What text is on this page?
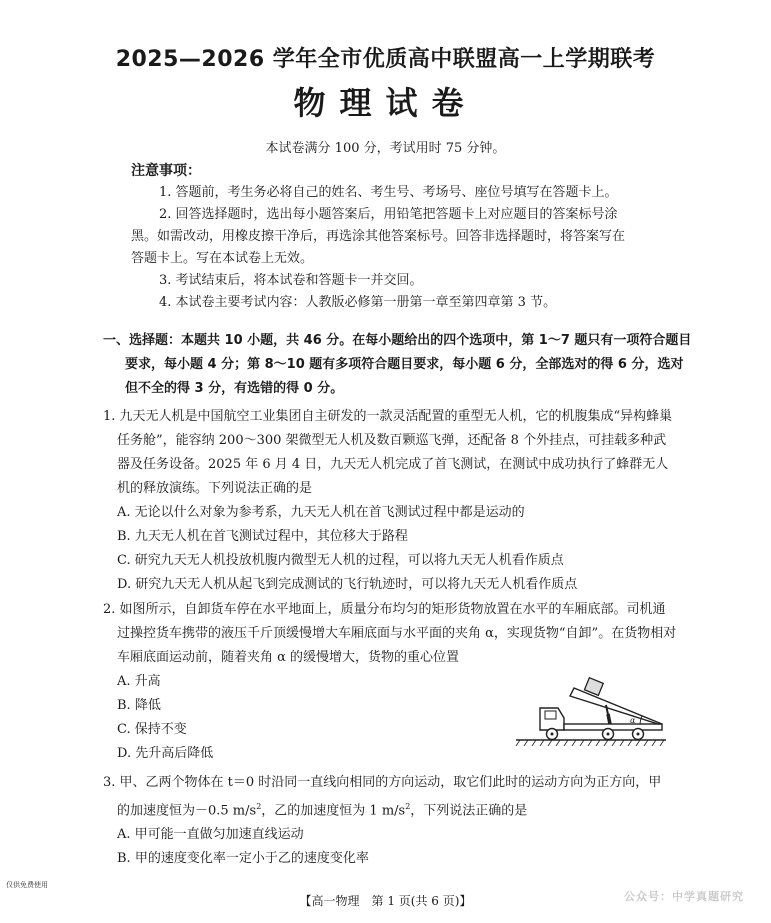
2025—2026 学年全市优质高中联盟高一上学期联考
物理试卷
本试卷满分 100 分，考试用时 75 分钟。
注意事项：

1. 答题前，考生务必将自己的姓名、考生号、考场号、座位号填写在答题卡上。

2. 回答选择题时，选出每小题答案后，用铅笔把答题卡上对应题目的答案标号涂黑。如需改动，用橡皮擦干净后，再选涂其他答案标号。回答非选择题时，将答案写在答题卡上。写在本试卷上无效。

3. 考试结束后，将本试卷和答题卡一并交回。

4. 本试卷主要考试内容：人教版必修第一册第一章至第四章第 3 节。

一、选择题：本题共 10 小题，共 46 分。在每小题给出的四个选项中，第 1～7 题只有一项符合题目要求，每小题 4 分；第 8～10 题有多项符合题目要求，每小题 6 分，全部选对的得 6 分，选对但不全的得 3 分，有选错的得 0 分。

1. 九天无人机是中国航空工业集团自主研发的一款灵活配置的重型无人机，它的机腹集成“异构蜂巢任务舱”，能容纳 200～300 架微型无人机及数百颗巡飞弹，还配备 8 个外挂点，可挂载多种武器及任务设备。2025 年 6 月 4 日，九天无人机完成了首飞测试，在测试中成功执行了蜂群无人机的释放演练。下列说法正确的是

A. 无论以什么对象为参考系，九天无人机在首飞测试过程中都是运动的

B. 九天无人机在首飞测试过程中，其位移大于路程

C. 研究九天无人机投放机腹内微型无人机的过程，可以将九天无人机看作质点

D. 研究九天无人机从起飞到完成测试的飞行轨迹时，可以将九天无人机看作质点

2. 如图所示，自卸货车停在水平地面上，质量分布均匀的矩形货物放置在水平的车厢底部。司机通过操控货车携带的液压千斤顶缓慢增大车厢底面与水平面的夹角 α，实现货物“自卸”。在货物相对车厢底面运动前，随着夹角 α 的缓慢增大，货物的重心位置

A. 升高

B. 降低

C. 保持不变

D. 先升高后降低

α

3. 甲、乙两个物体在 t＝0 时沿同一直线向相同的方向运动，取它们此时的运动方向为正方向，甲的加速度恒为－0.5 $m/s^2$，乙的加速度恒为 1 $m/s^2$，下列说法正确的是

A. 甲可能一直做匀加速直线运动

B. 甲的速度变化率一定小于乙的速度变化率

仅供免费使用
【高一物理　第 1 页(共 6 页)】	公众号：中学真题研究
